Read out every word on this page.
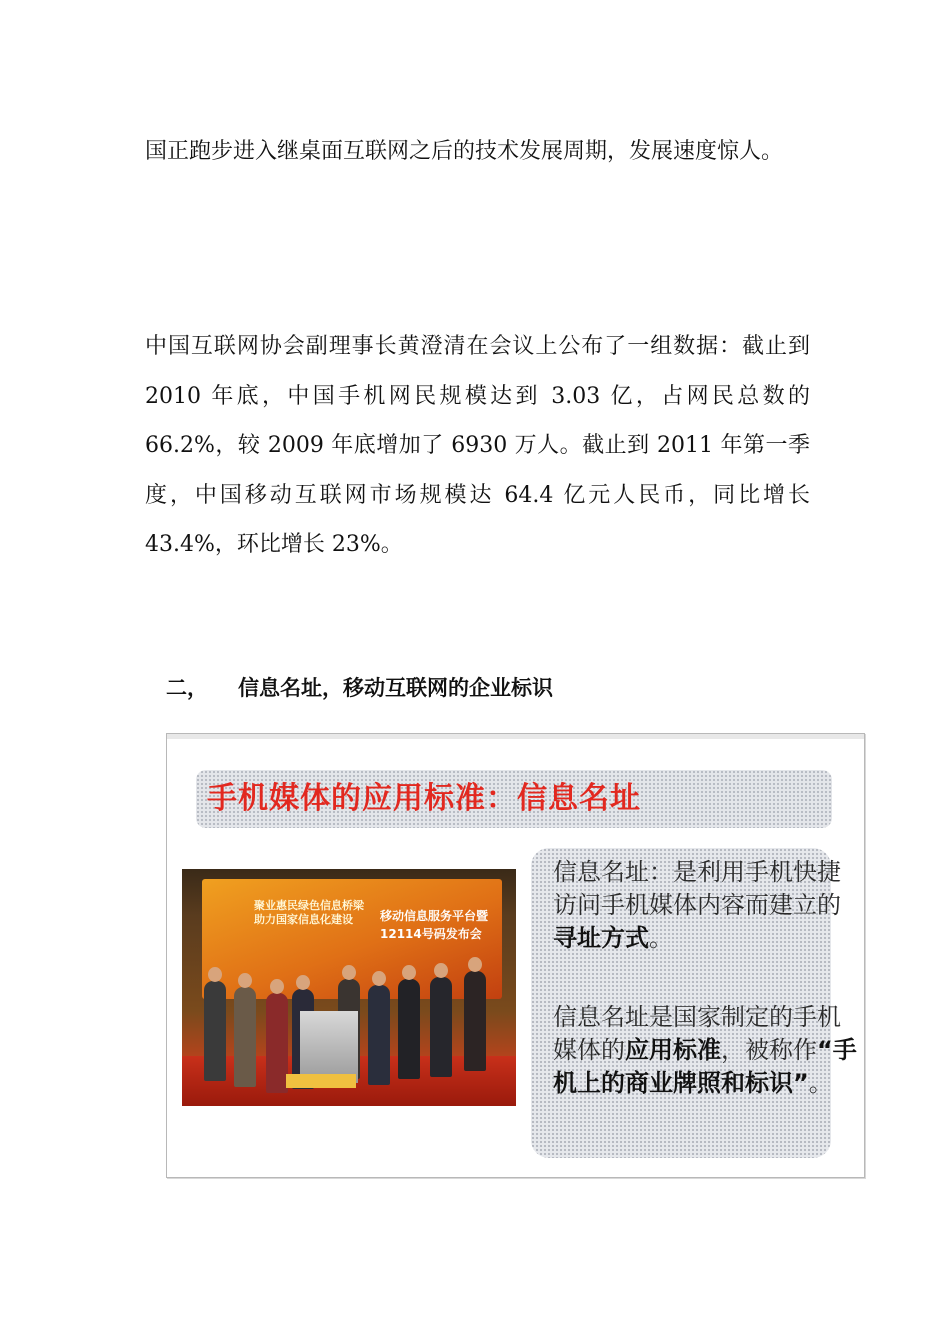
国正跑步进入继桌面互联网之后的技术发展周期，发展速度惊人。

中国互联网协会副理事长黄澄清在会议上公布了一组数据：截止到 2010 年底，中国手机网民规模达到 3.03 亿，占网民总数的 66.2%，较 2009 年底增加了 6930 万人。截止到 2011 年第一季度，中国移动互联网市场规模达 64.4 亿元人民币，同比增长 43.4%，环比增长 23%。

二， 信息名址，移动互联网的企业标识
手机媒体的应用标准：信息名址
聚业惠民绿色信息桥梁 助力国家信息化建设	移动信息服务平台暨 12114号码发布会

信息名址：是利用手机快捷访问手机媒体内容而建立的寻址方式。

信息名址是国家制定的手机媒体的应用标准，被称作“手机上的商业牌照和标识”。
